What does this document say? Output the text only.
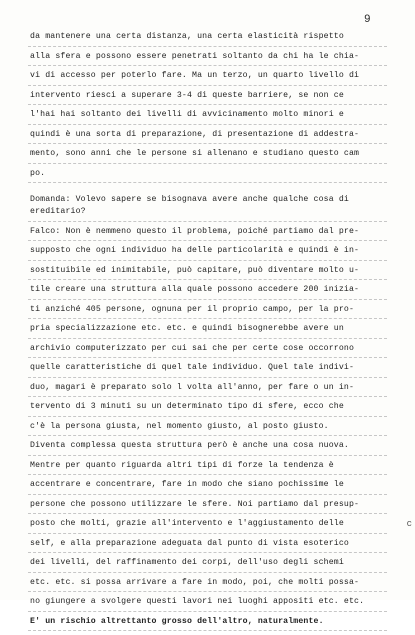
9
da mantenere una certa distanza, una certa elasticità rispetto
alla sfera e possono essere penetrati soltanto da chi ha le chia-
vi di accesso per poterlo fare. Ma un terzo, un quarto livello di
intervento riesci a superare 3-4 di queste barriere, se non ce
l'hai hai soltanto dei livelli di avvicinamento molto minori e
quindi è una sorta di preparazione, di presentazione di addestra-
mento, sono anni che le persone si allenano e studiano questo cam
po.
Domanda: Volevo sapere se bisognava avere anche qualche cosa di
ereditario?
Falco: Non è nemmeno questo il problema, poiché partiamo dal pre-
supposto che ogni individuo ha delle particolarità e quindi è in-
sostituibile ed inimitabile, può capitare, può diventare molto u-
tile creare una struttura alla quale possono accedere 200 inizia-
ti anziché 405 persone, ognuna per il proprio campo, per la pro-
pria specializzazione etc. etc. e quindi bisognerebbe avere un
archivio computerizzato per cui sai che per certe cose occorrono
quelle caratteristiche di quel tale individuo. Quel tale indivi-
duo, magari è preparato solo l volta all'anno, per fare o un in-
tervento di 3 minuti su un determinato tipo di sfere, ecco che
c'è la persona giusta, nel momento giusto, al posto giusto.
Diventa complessa questa struttura però è anche una cosa nuova.
Mentre per quanto riguarda altri tipi di forze la tendenza è
accentrare e concentrare, fare in modo che siano pochissime le
persone che possono utilizzare le sfere. Noi partiamo dal presup-
posto che molti, grazie all'intervento e l'aggiustamento delle
self, e alla preparazione adeguata dal punto di vista esoterico
dei livelli, del raffinamento dei corpi, dell'uso degli schemi
etc. etc. si possa arrivare a fare in modo, poi, che molti possa-
no giungere a svolgere questi lavori nei luoghi appositi etc. etc.
E' un rischio altrettanto grosso dell'altro, naturalmente.
c
